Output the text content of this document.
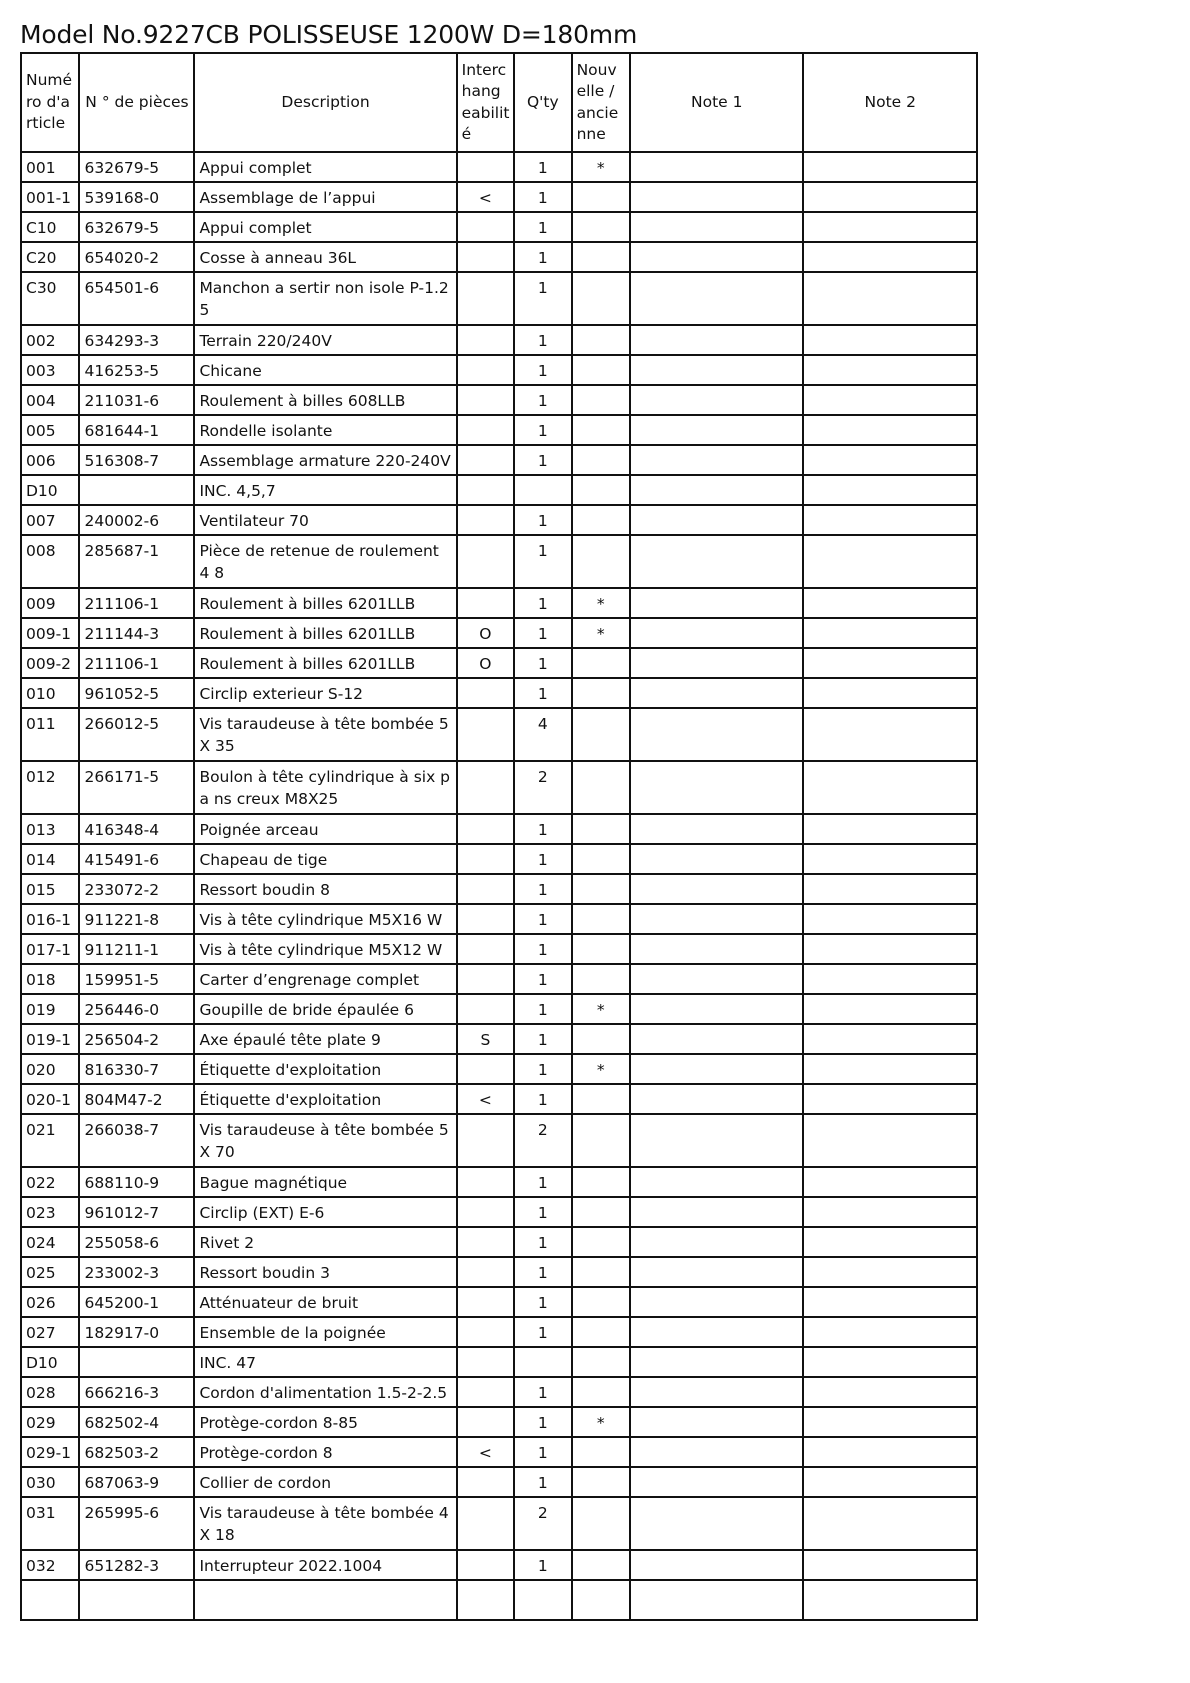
Model No.9227CB POLISSEUSE 1200W D=180mm
Numé ro d'a rticle	N ° de pièces	Description	Interc hang eabilit é	Q'ty	Nouv elle / ancie nne	Note 1	Note 2
001	632679-5	Appui complet		1	*		
001-1	539168-0	Assemblage de l’appui	<	1			
C10	632679-5	Appui complet		1			
C20	654020-2	Cosse à anneau 36L		1			
C30	654501-6	Manchon a sertir non isole P-1.2 5		1			
002	634293-3	Terrain 220/240V		1			
003	416253-5	Chicane		1			
004	211031-6	Roulement à billes 608LLB		1			
005	681644-1	Rondelle isolante		1			
006	516308-7	Assemblage armature 220-240V		1			
D10		INC. 4,5,7					
007	240002-6	Ventilateur 70		1			
008	285687-1	Pièce de retenue de roulement 4 8		1			
009	211106-1	Roulement à billes 6201LLB		1	*		
009-1	211144-3	Roulement à billes 6201LLB	O	1	*		
009-2	211106-1	Roulement à billes 6201LLB	O	1			
010	961052-5	Circlip exterieur S-12		1			
011	266012-5	Vis taraudeuse à tête bombée 5X 35		4			
012	266171-5	Boulon à tête cylindrique à six pa ns creux M8X25		2			
013	416348-4	Poignée arceau		1			
014	415491-6	Chapeau de tige		1			
015	233072-2	Ressort boudin 8		1			
016-1	911221-8	Vis à tête cylindrique M5X16 W		1			
017-1	911211-1	Vis à tête cylindrique M5X12 W		1			
018	159951-5	Carter d’engrenage complet		1			
019	256446-0	Goupille de bride épaulée 6		1	*		
019-1	256504-2	Axe épaulé tête plate 9	S	1			
020	816330-7	Étiquette d'exploitation		1	*		
020-1	804M47-2	Étiquette d'exploitation	<	1			
021	266038-7	Vis taraudeuse à tête bombée 5X 70		2			
022	688110-9	Bague magnétique		1			
023	961012-7	Circlip (EXT) E-6		1			
024	255058-6	Rivet 2		1			
025	233002-3	Ressort boudin 3		1			
026	645200-1	Atténuateur de bruit		1			
027	182917-0	Ensemble de la poignée		1			
D10		INC. 47					
028	666216-3	Cordon d'alimentation 1.5-2-2.5		1			
029	682502-4	Protège-cordon 8-85		1	*		
029-1	682503-2	Protège-cordon 8	<	1			
030	687063-9	Collier de cordon		1			
031	265995-6	Vis taraudeuse à tête bombée 4X 18		2			
032	651282-3	Interrupteur 2022.1004		1			
